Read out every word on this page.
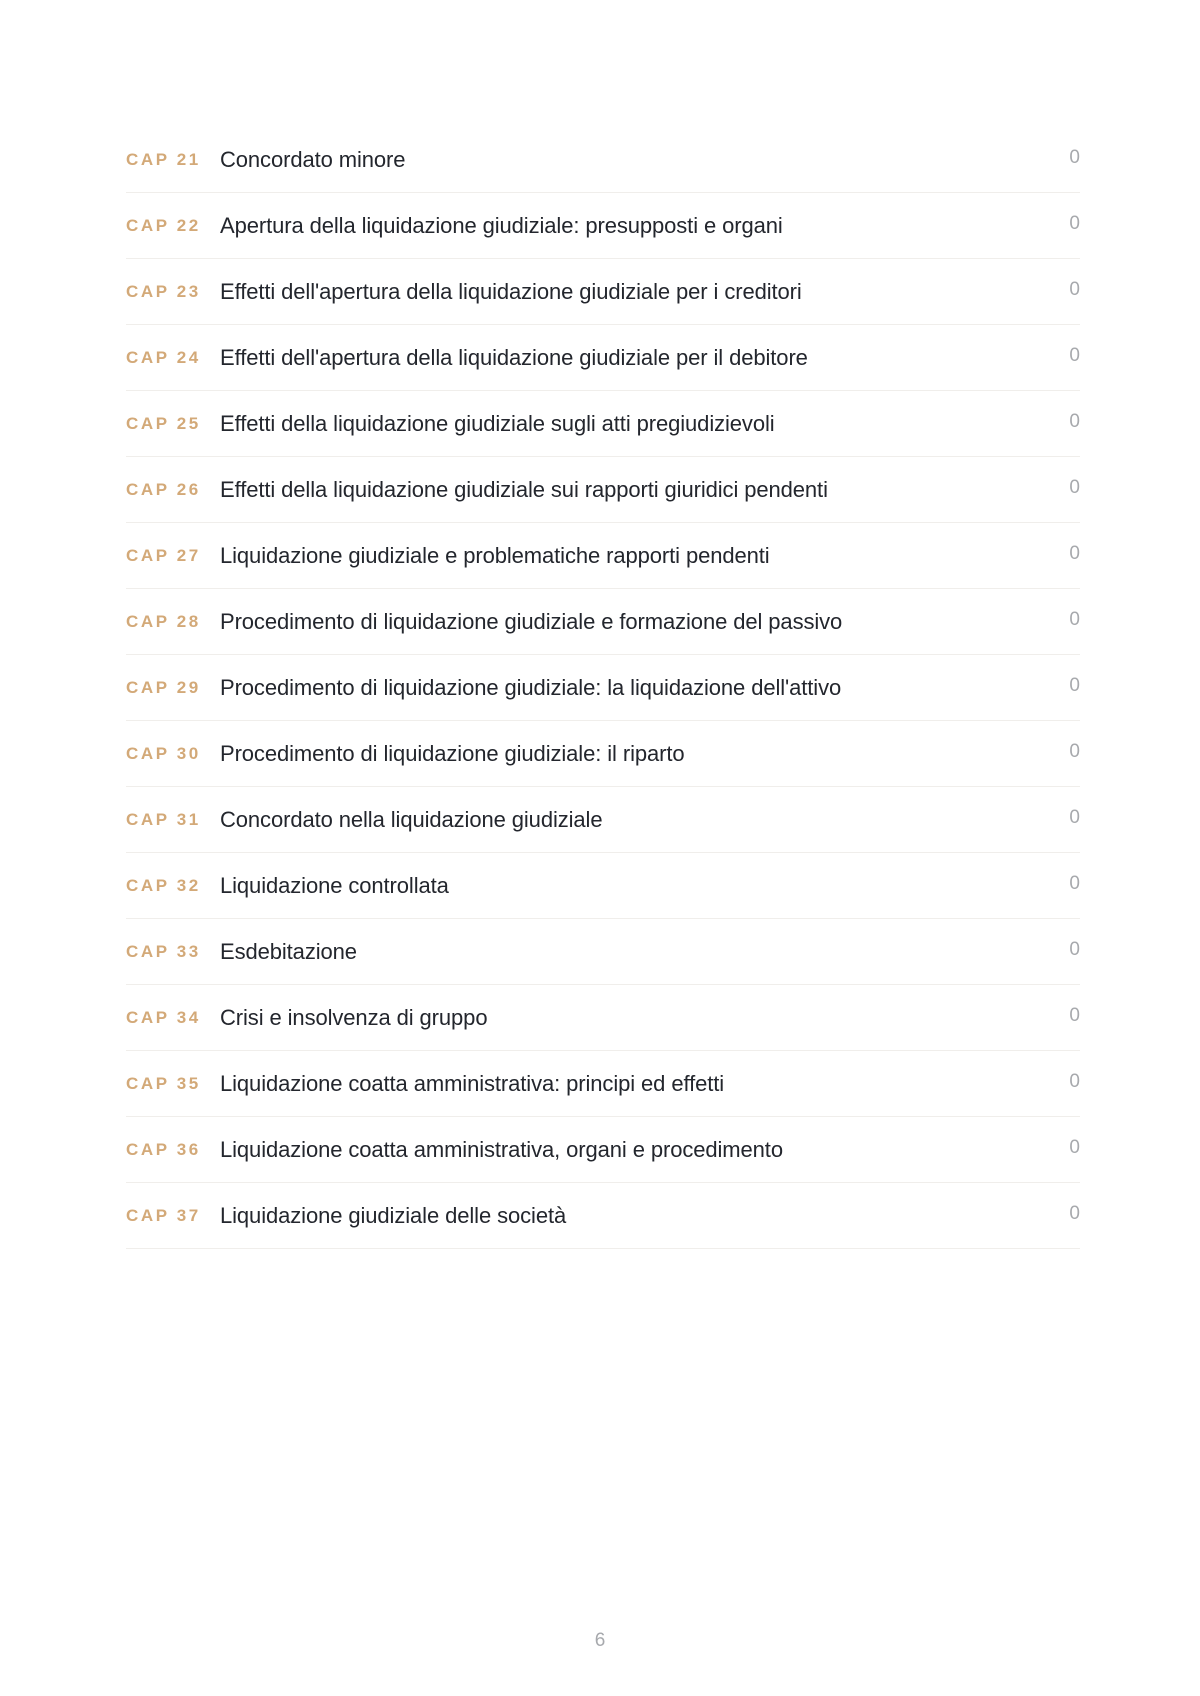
CAP 21 Concordato minore	0
CAP 22 Apertura della liquidazione giudiziale: presupposti e organi	0
CAP 23 Effetti dell'apertura della liquidazione giudiziale per i creditori	0
CAP 24 Effetti dell'apertura della liquidazione giudiziale per il debitore	0
CAP 25 Effetti della liquidazione giudiziale sugli atti pregiudizievoli	0
CAP 26 Effetti della liquidazione giudiziale sui rapporti giuridici pendenti	0
CAP 27 Liquidazione giudiziale e problematiche rapporti pendenti	0
CAP 28 Procedimento di liquidazione giudiziale e formazione del passivo	0
CAP 29 Procedimento di liquidazione giudiziale: la liquidazione dell'attivo	0
CAP 30 Procedimento di liquidazione giudiziale: il riparto	0
CAP 31 Concordato nella liquidazione giudiziale	0
CAP 32 Liquidazione controllata	0
CAP 33 Esdebitazione	0
CAP 34 Crisi e insolvenza di gruppo	0
CAP 35 Liquidazione coatta amministrativa: principi ed effetti	0
CAP 36 Liquidazione coatta amministrativa, organi e procedimento	0
CAP 37 Liquidazione giudiziale delle società	0
6
